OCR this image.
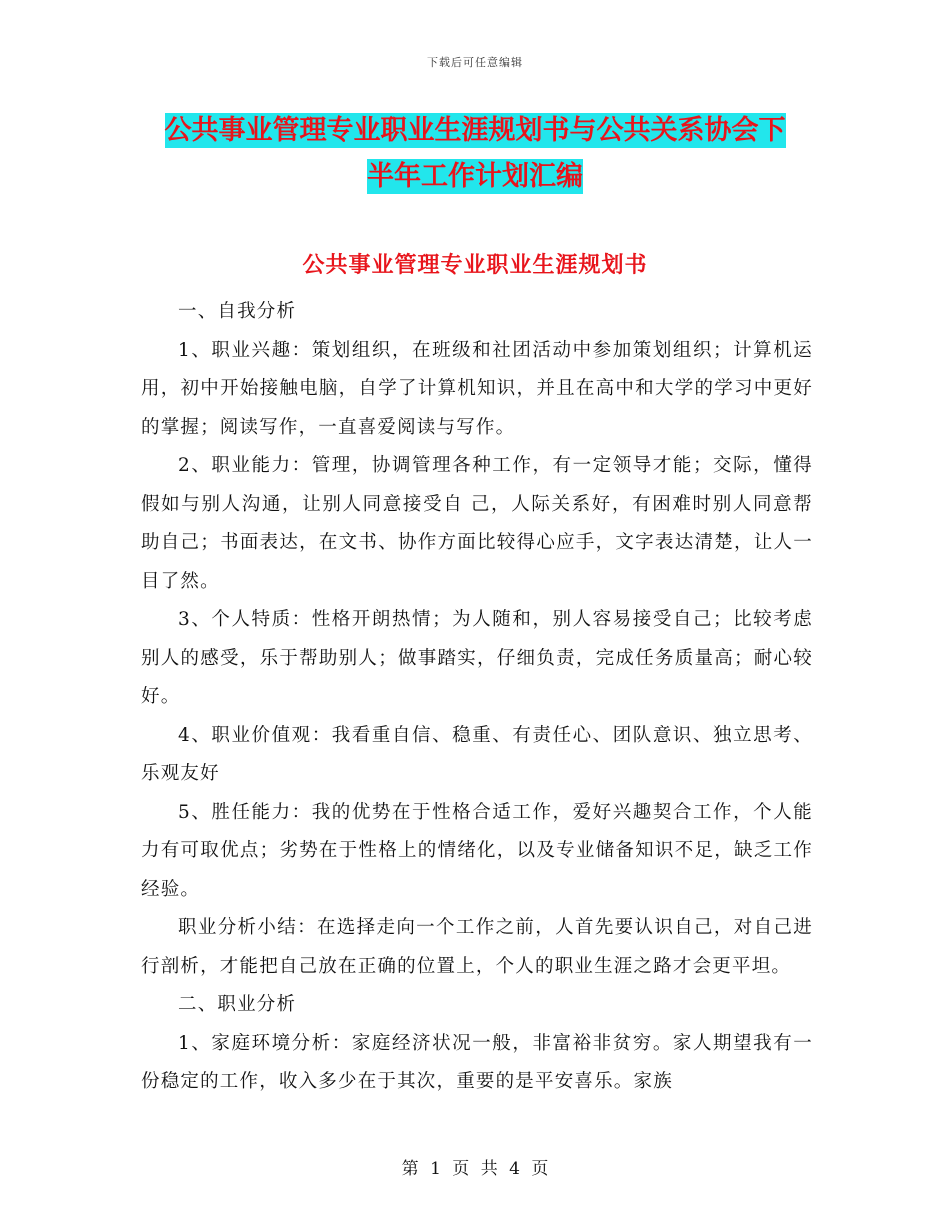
下载后可任意编辑
公共事业管理专业职业生涯规划书与公共关系协会下
半年工作计划汇编
公共事业管理专业职业生涯规划书

一、自我分析

1、职业兴趣：策划组织，在班级和社团活动中参加策划组织；计算机运用，初中开始接触电脑，自学了计算机知识，并且在高中和大学的学习中更好的掌握；阅读写作，一直喜爱阅读与写作。

2、职业能力：管理，协调管理各种工作，有一定领导才能；交际，懂得假如与别人沟通，让别人同意接受自 己，人际关系好，有困难时别人同意帮助自己；书面表达，在文书、协作方面比较得心应手，文字表达清楚，让人一目了然。

3、个人特质：性格开朗热情；为人随和，别人容易接受自己；比较考虑别人的感受，乐于帮助别人；做事踏实，仔细负责，完成任务质量高；耐心较好。

4、职业价值观：我看重自信、稳重、有责任心、团队意识、独立思考、乐观友好

5、胜任能力：我的优势在于性格合适工作，爱好兴趣契合工作，个人能力有可取优点；劣势在于性格上的情绪化，以及专业储备知识不足，缺乏工作经验。

职业分析小结：在选择走向一个工作之前，人首先要认识自己，对自己进行剖析，才能把自己放在正确的位置上，个人的职业生涯之路才会更平坦。

二、职业分析

1、家庭环境分析：家庭经济状况一般，非富裕非贫穷。家人期望我有一份稳定的工作，收入多少在于其次，重要的是平安喜乐。家族

第 1 页 共 4 页
